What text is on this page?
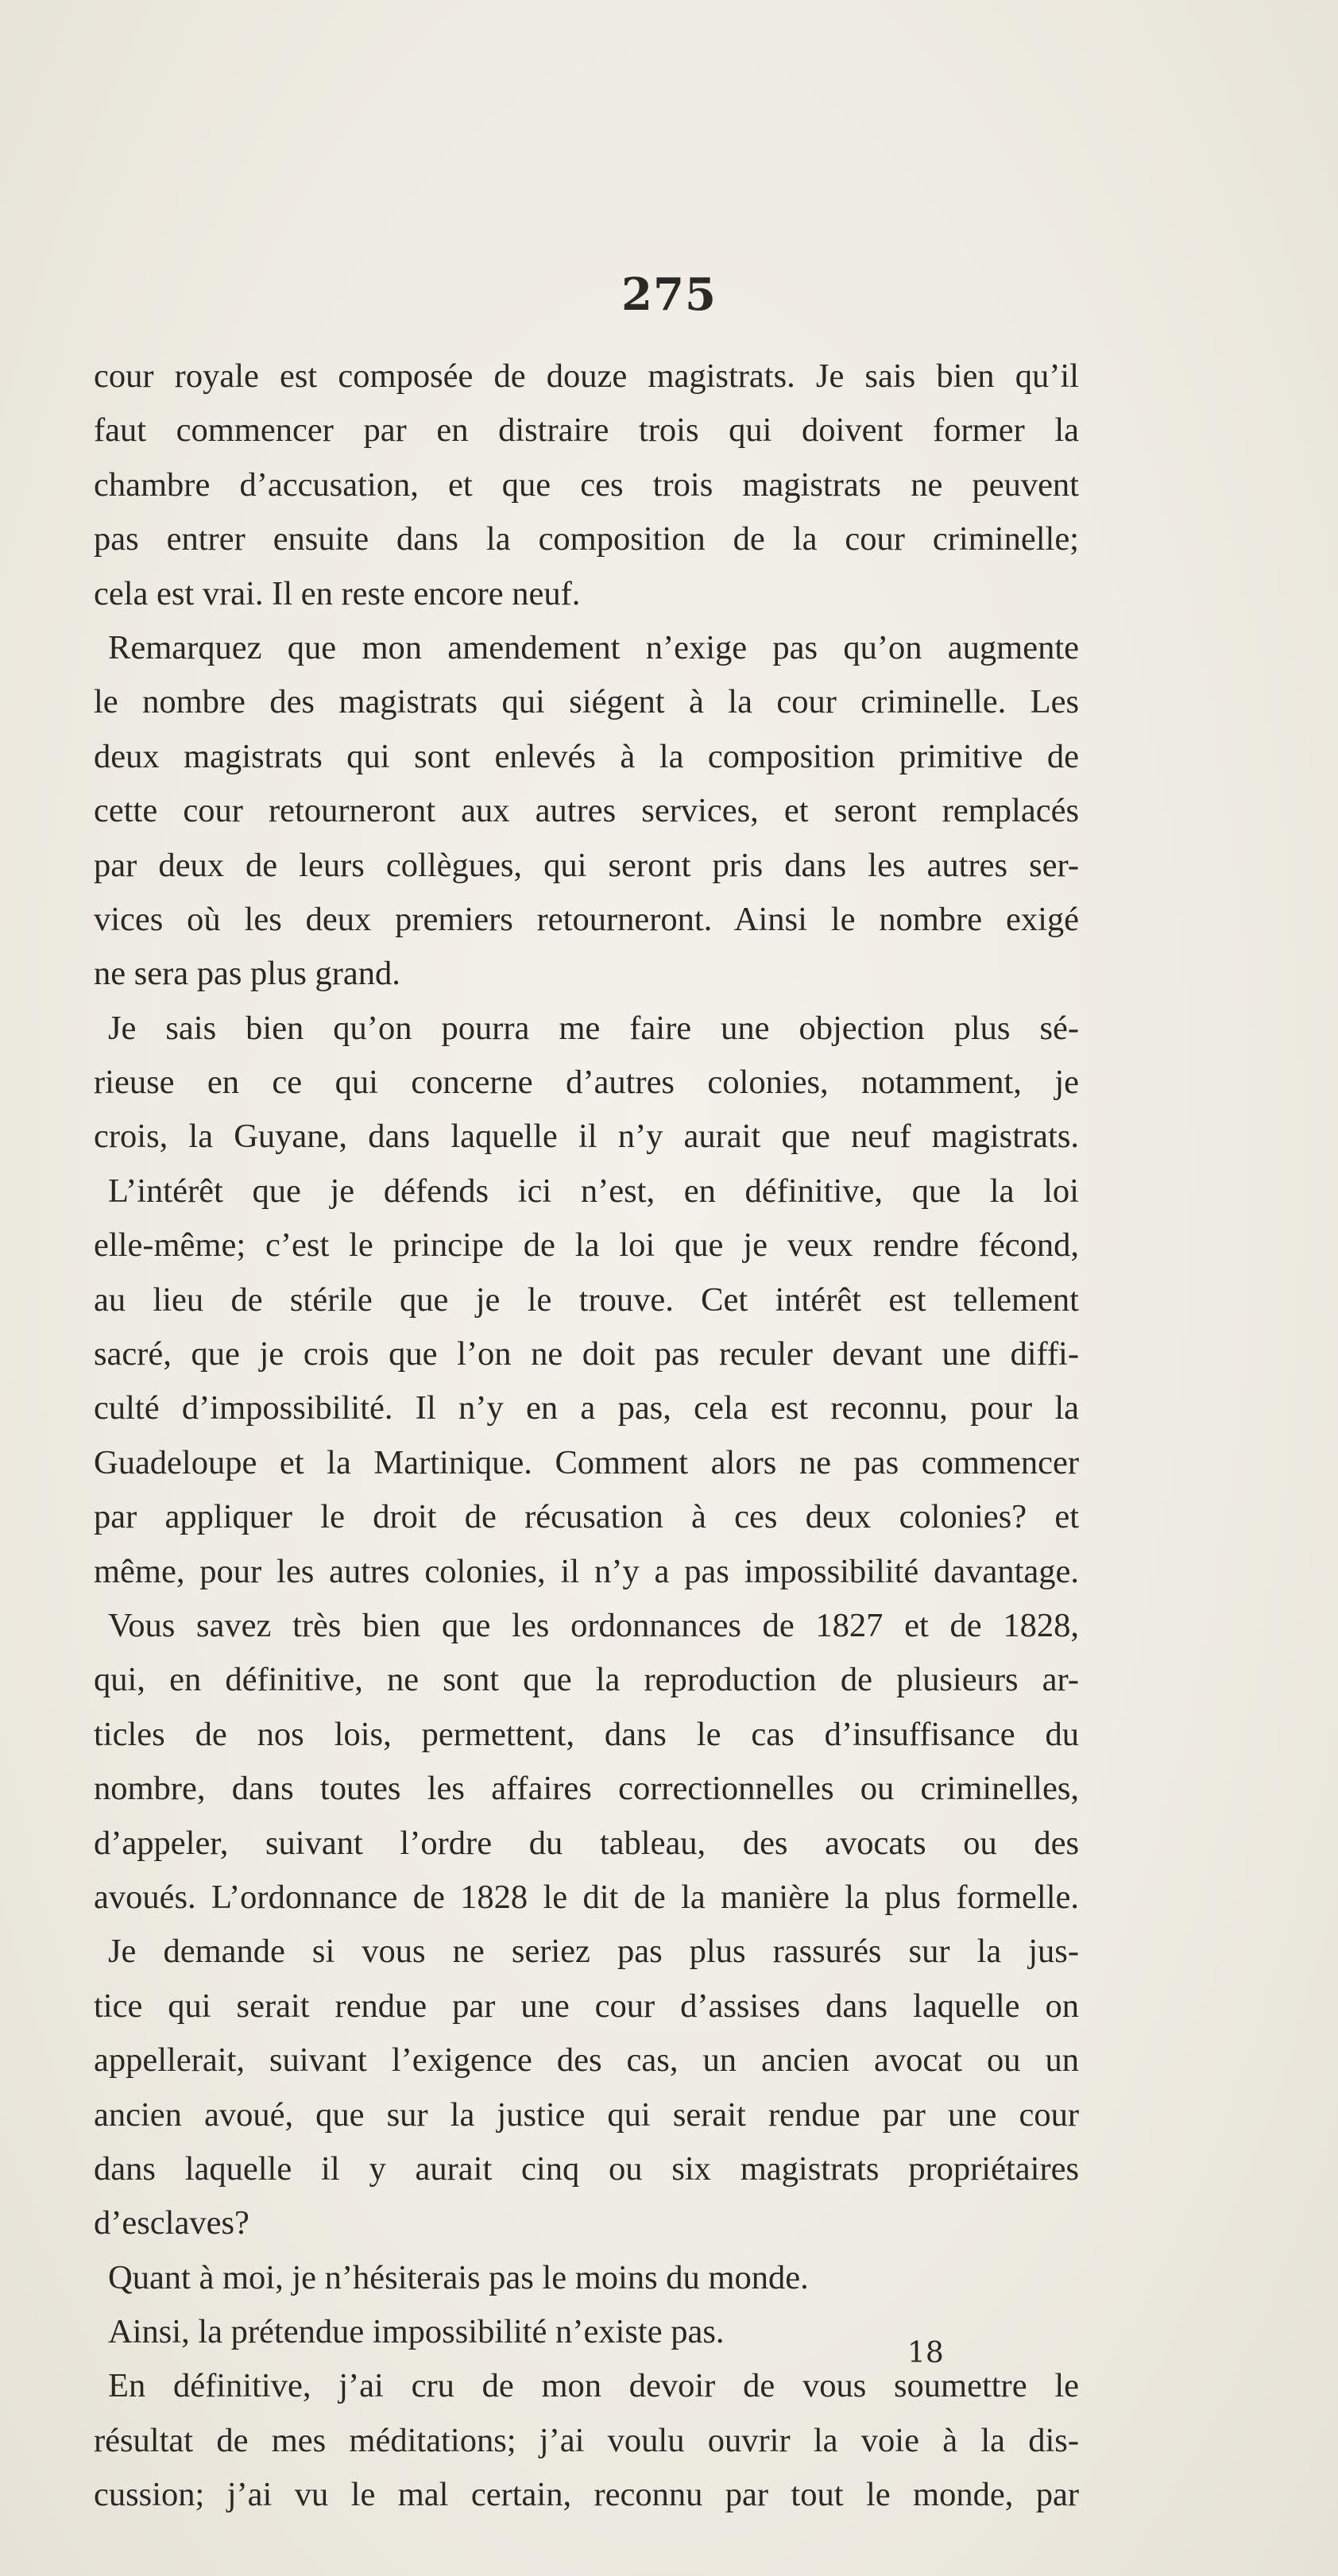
275
cour royale est composée de douze magistrats. Je sais bien qu’il
faut commencer par en distraire trois qui doivent former la
chambre d’accusation, et que ces trois magistrats ne peuvent
pas entrer ensuite dans la composition de la cour criminelle;
cela est vrai. Il en reste encore neuf.
Remarquez que mon amendement n’exige pas qu’on augmente
le nombre des magistrats qui siégent à la cour criminelle. Les
deux magistrats qui sont enlevés à la composition primitive de
cette cour retourneront aux autres services, et seront remplacés
par deux de leurs collègues, qui seront pris dans les autres ser-
vices où les deux premiers retourneront. Ainsi le nombre exigé
ne sera pas plus grand.
Je sais bien qu’on pourra me faire une objection plus sé-
rieuse en ce qui concerne d’autres colonies, notamment, je
crois, la Guyane, dans laquelle il n’y aurait que neuf magistrats.
L’intérêt que je défends ici n’est, en définitive, que la loi
elle-même; c’est le principe de la loi que je veux rendre fécond,
au lieu de stérile que je le trouve. Cet intérêt est tellement
sacré, que je crois que l’on ne doit pas reculer devant une diffi-
culté d’impossibilité. Il n’y en a pas, cela est reconnu, pour la
Guadeloupe et la Martinique. Comment alors ne pas commencer
par appliquer le droit de récusation à ces deux colonies? et
même, pour les autres colonies, il n’y a pas impossibilité davantage.
Vous savez très bien que les ordonnances de 1827 et de 1828,
qui, en définitive, ne sont que la reproduction de plusieurs ar-
ticles de nos lois, permettent, dans le cas d’insuffisance du
nombre, dans toutes les affaires correctionnelles ou criminelles,
d’appeler, suivant l’ordre du tableau, des avocats ou des
avoués. L’ordonnance de 1828 le dit de la manière la plus formelle.
Je demande si vous ne seriez pas plus rassurés sur la jus-
tice qui serait rendue par une cour d’assises dans laquelle on
appellerait, suivant l’exigence des cas, un ancien avocat ou un
ancien avoué, que sur la justice qui serait rendue par une cour
dans laquelle il y aurait cinq ou six magistrats propriétaires
d’esclaves?
Quant à moi, je n’hésiterais pas le moins du monde.
Ainsi, la prétendue impossibilité n’existe pas.
En définitive, j’ai cru de mon devoir de vous soumettre le
résultat de mes méditations; j’ai voulu ouvrir la voie à la dis-
cussion; j’ai vu le mal certain, reconnu par tout le monde, par
18
